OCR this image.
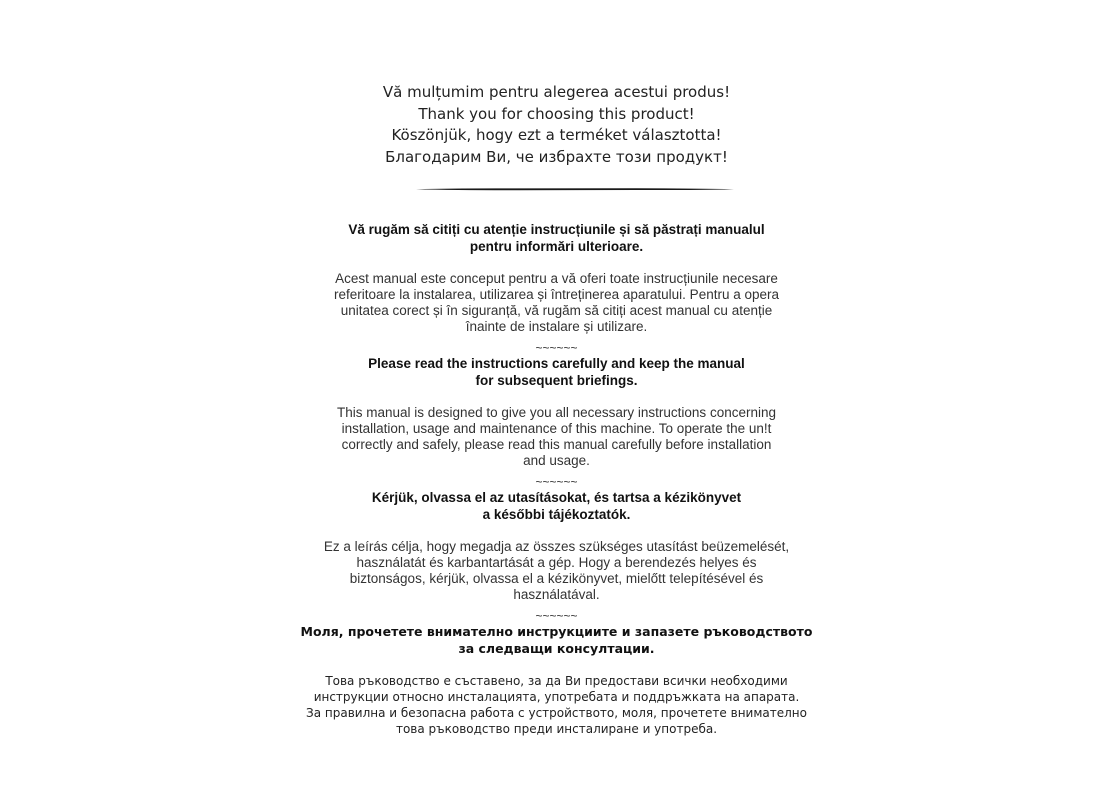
Vă mulțumim pentru alegerea acestui produs!
Thank you for choosing this product!
Köszönjük, hogy ezt a terméket választotta!
Благодарим Ви, че избрахте този продукт!
Vă rugăm să citiți cu atenție instrucțiunile și să păstrați manualul
pentru informări ulterioare.
Acest manual este conceput pentru a vă oferi toate instrucțiunile necesare
referitoare la instalarea, utilizarea și întreținerea aparatului. Pentru a opera
unitatea corect și în siguranță, vă rugăm să citiți acest manual cu atenție
înainte de instalare și utilizare.
~~~~~~
Please read the instructions carefully and keep the manual
for subsequent briefings.
This manual is designed to give you all necessary instructions concerning
installation, usage and maintenance of this machine. To operate the un!t
correctly and safely, please read this manual carefully before installation
and usage.
~~~~~~
Kérjük, olvassa el az utasításokat, és tartsa a kézikönyvet
a későbbi tájékoztatók.
Ez a leírás célja, hogy megadja az összes szükséges utasítást beüzemelését,
használatát és karbantartását a gép. Hogy a berendezés helyes és
biztonságos, kérjük, olvassa el a kézikönyvet, mielőtt telepítésével és
használatával.
~~~~~~
Моля, прочетете внимателно инструкциите и запазете ръководството
за следващи консултации.
Това ръководство е съставено, за да Ви предостави всички необходими
инструкции относно инсталацията, употребата и поддръжката на апарата.
За правилна и безопасна работа с устройството, моля, прочетете внимателно
това ръководство преди инсталиране и употреба.
